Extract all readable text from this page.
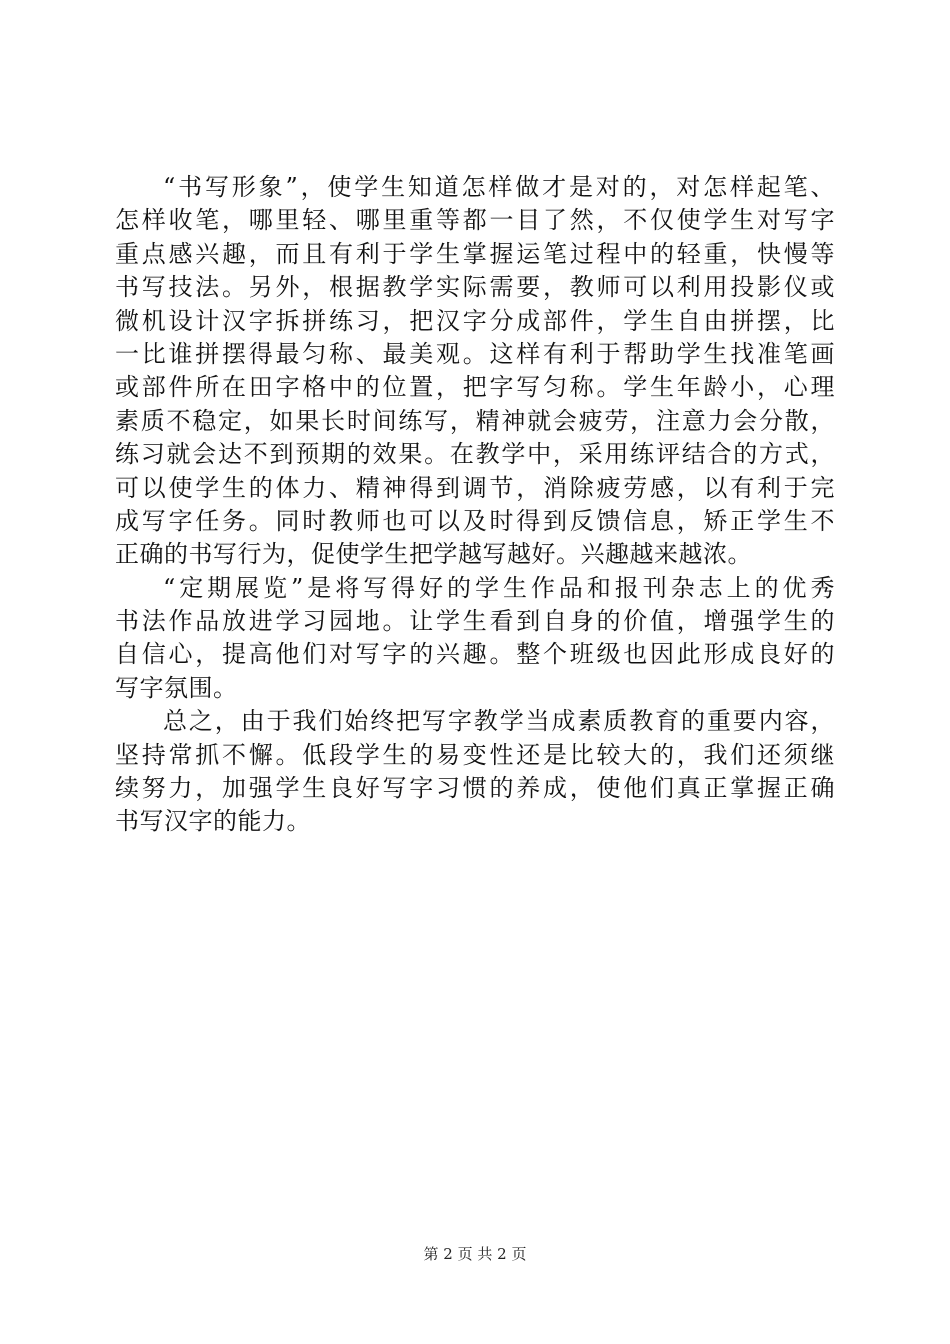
“书写形象”，使学生知道怎样做才是对的，对怎样起笔、
怎样收笔，哪里轻、哪里重等都一目了然，不仅使学生对写字
重点感兴趣，而且有利于学生掌握运笔过程中的轻重，快慢等
书写技法。另外，根据教学实际需要，教师可以利用投影仪或
微机设计汉字拆拼练习，把汉字分成部件，学生自由拼摆，比
一比谁拼摆得最匀称、最美观。这样有利于帮助学生找准笔画
或部件所在田字格中的位置，把字写匀称。学生年龄小，心理
素质不稳定，如果长时间练写，精神就会疲劳，注意力会分散，
练习就会达不到预期的效果。在教学中，采用练评结合的方式，
可以使学生的体力、精神得到调节，消除疲劳感，以有利于完
成写字任务。同时教师也可以及时得到反馈信息，矫正学生不
正确的书写行为，促使学生把学越写越好。兴趣越来越浓。
“定期展览”是将写得好的学生作品和报刊杂志上的优秀
书法作品放进学习园地。让学生看到自身的价值，增强学生的
自信心，提高他们对写字的兴趣。整个班级也因此形成良好的
写字氛围。
总之，由于我们始终把写字教学当成素质教育的重要内容，
坚持常抓不懈。低段学生的易变性还是比较大的，我们还须继
续努力，加强学生良好写字习惯的养成，使他们真正掌握正确
书写汉字的能力。
第 2 页 共 2 页
